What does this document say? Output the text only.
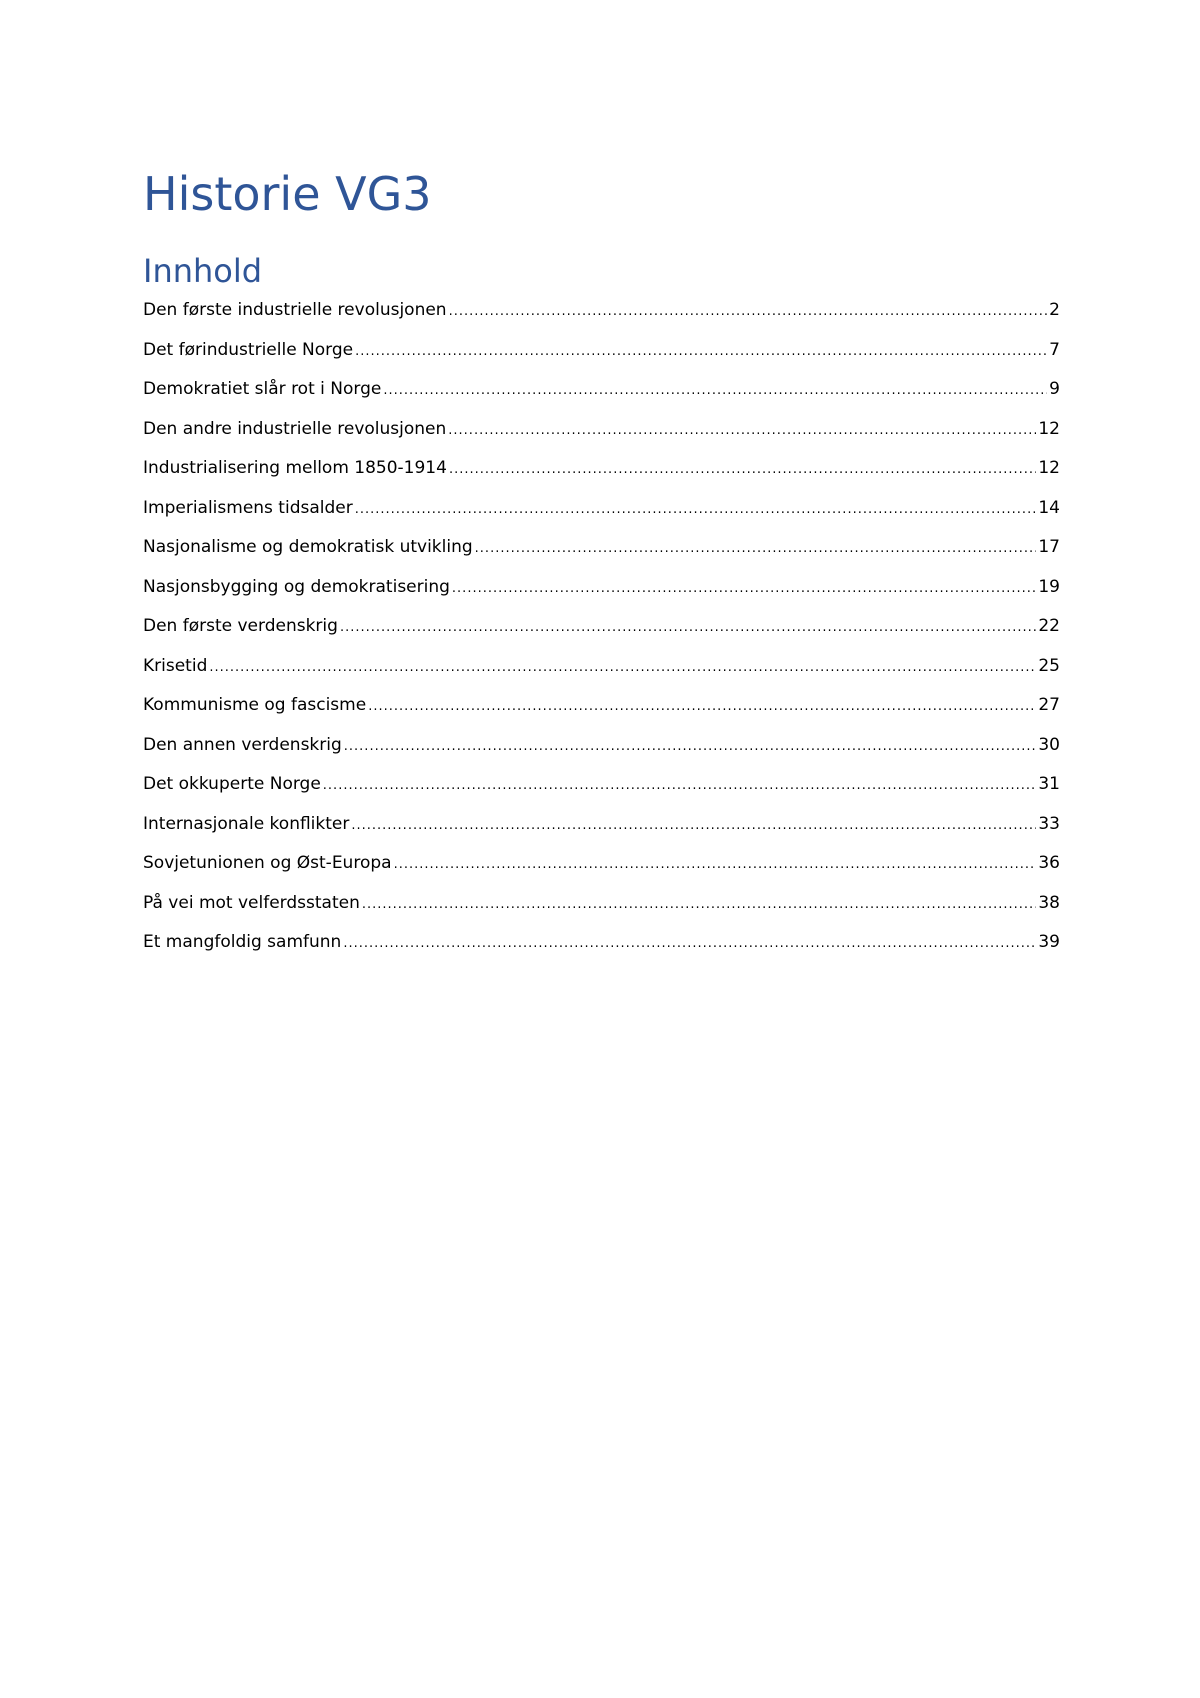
Historie VG3
Innhold
Den første industrielle revolusjonen .....	2
Det førindustrielle Norge .....	7
Demokratiet slår rot i Norge .....	9
Den andre industrielle revolusjonen .....	12
Industrialisering mellom 1850-1914 .....	12
Imperialismens tidsalder .....	14
Nasjonalisme og demokratisk utvikling .....	17
Nasjonsbygging og demokratisering .....	19
Den første verdenskrig .....	22
Krisetid .....	25
Kommunisme og fascisme .....	27
Den annen verdenskrig .....	30
Det okkuperte Norge .....	31
Internasjonale konflikter .....	33
Sovjetunionen og Øst-Europa .....	36
På vei mot velferdsstaten .....	38
Et mangfoldig samfunn .....	39
